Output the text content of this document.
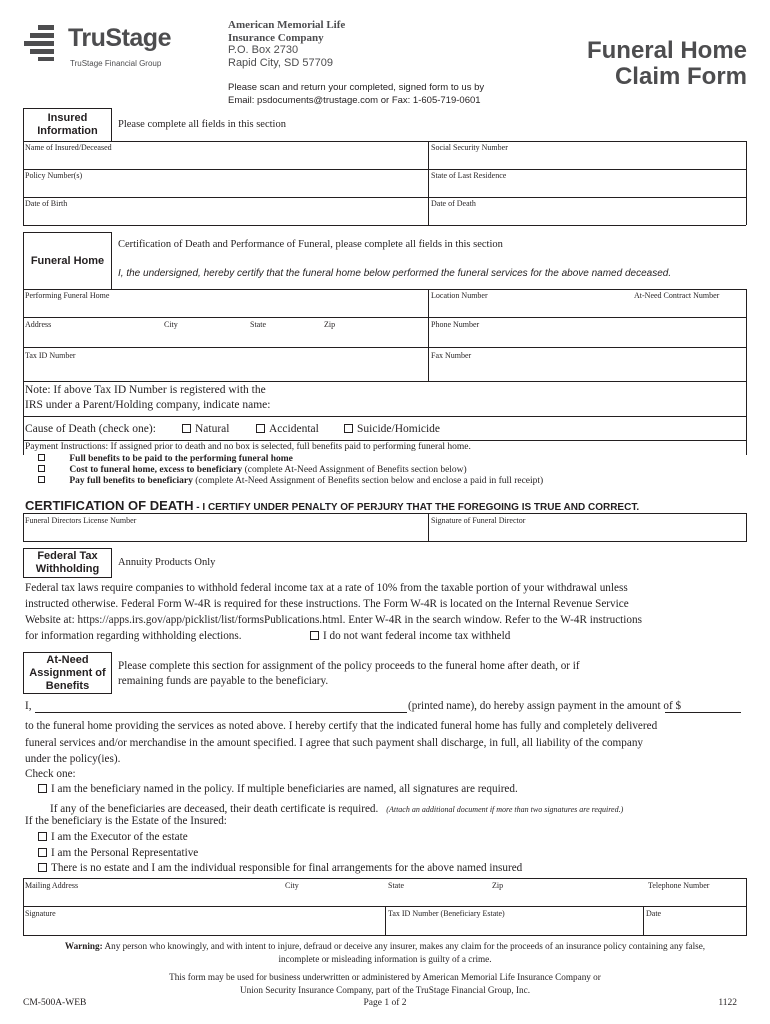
TruStage
TruStage Financial Group
American Memorial Life
Insurance Company
P.O. Box 2730
Rapid City, SD 57709
Please scan and return your completed, signed form to us by
Email: psdocuments@trustage.com or Fax: 1-605-719-0601
Funeral Home
Claim Form
Insured
Information
Please complete all fields in this section
Name of Insured/Deceased	Social Security Number
Policy Number(s)	State of Last Residence
Date of Birth	Date of Death
Funeral Home
Certification of Death and Performance of Funeral, please complete all fields in this section
I, the undersigned, hereby certify that the funeral home below performed the funeral services for the above named deceased.
Performing Funeral Home	Location Number	At-Need Contract Number
Address	City	State	Zip	Phone Number
Tax ID Number	Fax Number
Note: If above Tax ID Number is registered with the
IRS under a Parent/Holding company, indicate name:
Cause of Death (check one):	Natural	Accidental	Suicide/Homicide
Payment Instructions: If assigned prior to death and no box is selected, full benefits paid to performing funeral home.
Full benefits to be paid to the performing funeral home
Cost to funeral home, excess to beneficiary (complete At-Need Assignment of Benefits section below)
Pay full benefits to beneficiary (complete At-Need Assignment of Benefits section below and enclose a paid in full receipt)
CERTIFICATION OF DEATH - I CERTIFY UNDER PENALTY OF PERJURY THAT THE FOREGOING IS TRUE AND CORRECT.
Funeral Directors License Number	Signature of Funeral Director
Federal Tax
Withholding
Annuity Products Only
Federal tax laws require companies to withhold federal income tax at a rate of 10% from the taxable portion of your withdrawal unless
instructed otherwise. Federal Form W-4R is required for these instructions. The Form W-4R is located on the Internal Revenue Service
Website at: https://apps.irs.gov/app/picklist/list/formsPublications.html. Enter W-4R in the search window. Refer to the W-4R instructions
for information regarding withholding elections.	I do not want federal income tax withheld
At-Need
Assignment of
Benefits
Please complete this section for assignment of the policy proceeds to the funeral home after death, or if
remaining funds are payable to the beneficiary.
I,	(printed name), do hereby assign payment in the amount of $
to the funeral home providing the services as noted above. I hereby certify that the indicated funeral home has fully and completely delivered
funeral services and/or merchandise in the amount specified. I agree that such payment shall discharge, in full, all liability of the company
under the policy(ies).
Check one:
I am the beneficiary named in the policy. If multiple beneficiaries are named, all signatures are required.
If any of the beneficiaries are deceased, their death certificate is required. (Attach an additional document if more than two signatures are required.)
If the beneficiary is the Estate of the Insured:
I am the Executor of the estate
I am the Personal Representative
There is no estate and I am the individual responsible for final arrangements for the above named insured
Mailing Address	City	State	Zip	Telephone Number
Signature	Tax ID Number (Beneficiary Estate)	Date
Warning: Any person who knowingly, and with intent to injure, defraud or deceive any insurer, makes any claim for the proceeds of an insurance policy containing any false,
incomplete or misleading information is guilty of a crime.
This form may be used for business underwritten or administered by American Memorial Life Insurance Company or
Union Security Insurance Company, part of the TruStage Financial Group, Inc.
CM-500A-WEB	Page 1 of 2	1122
